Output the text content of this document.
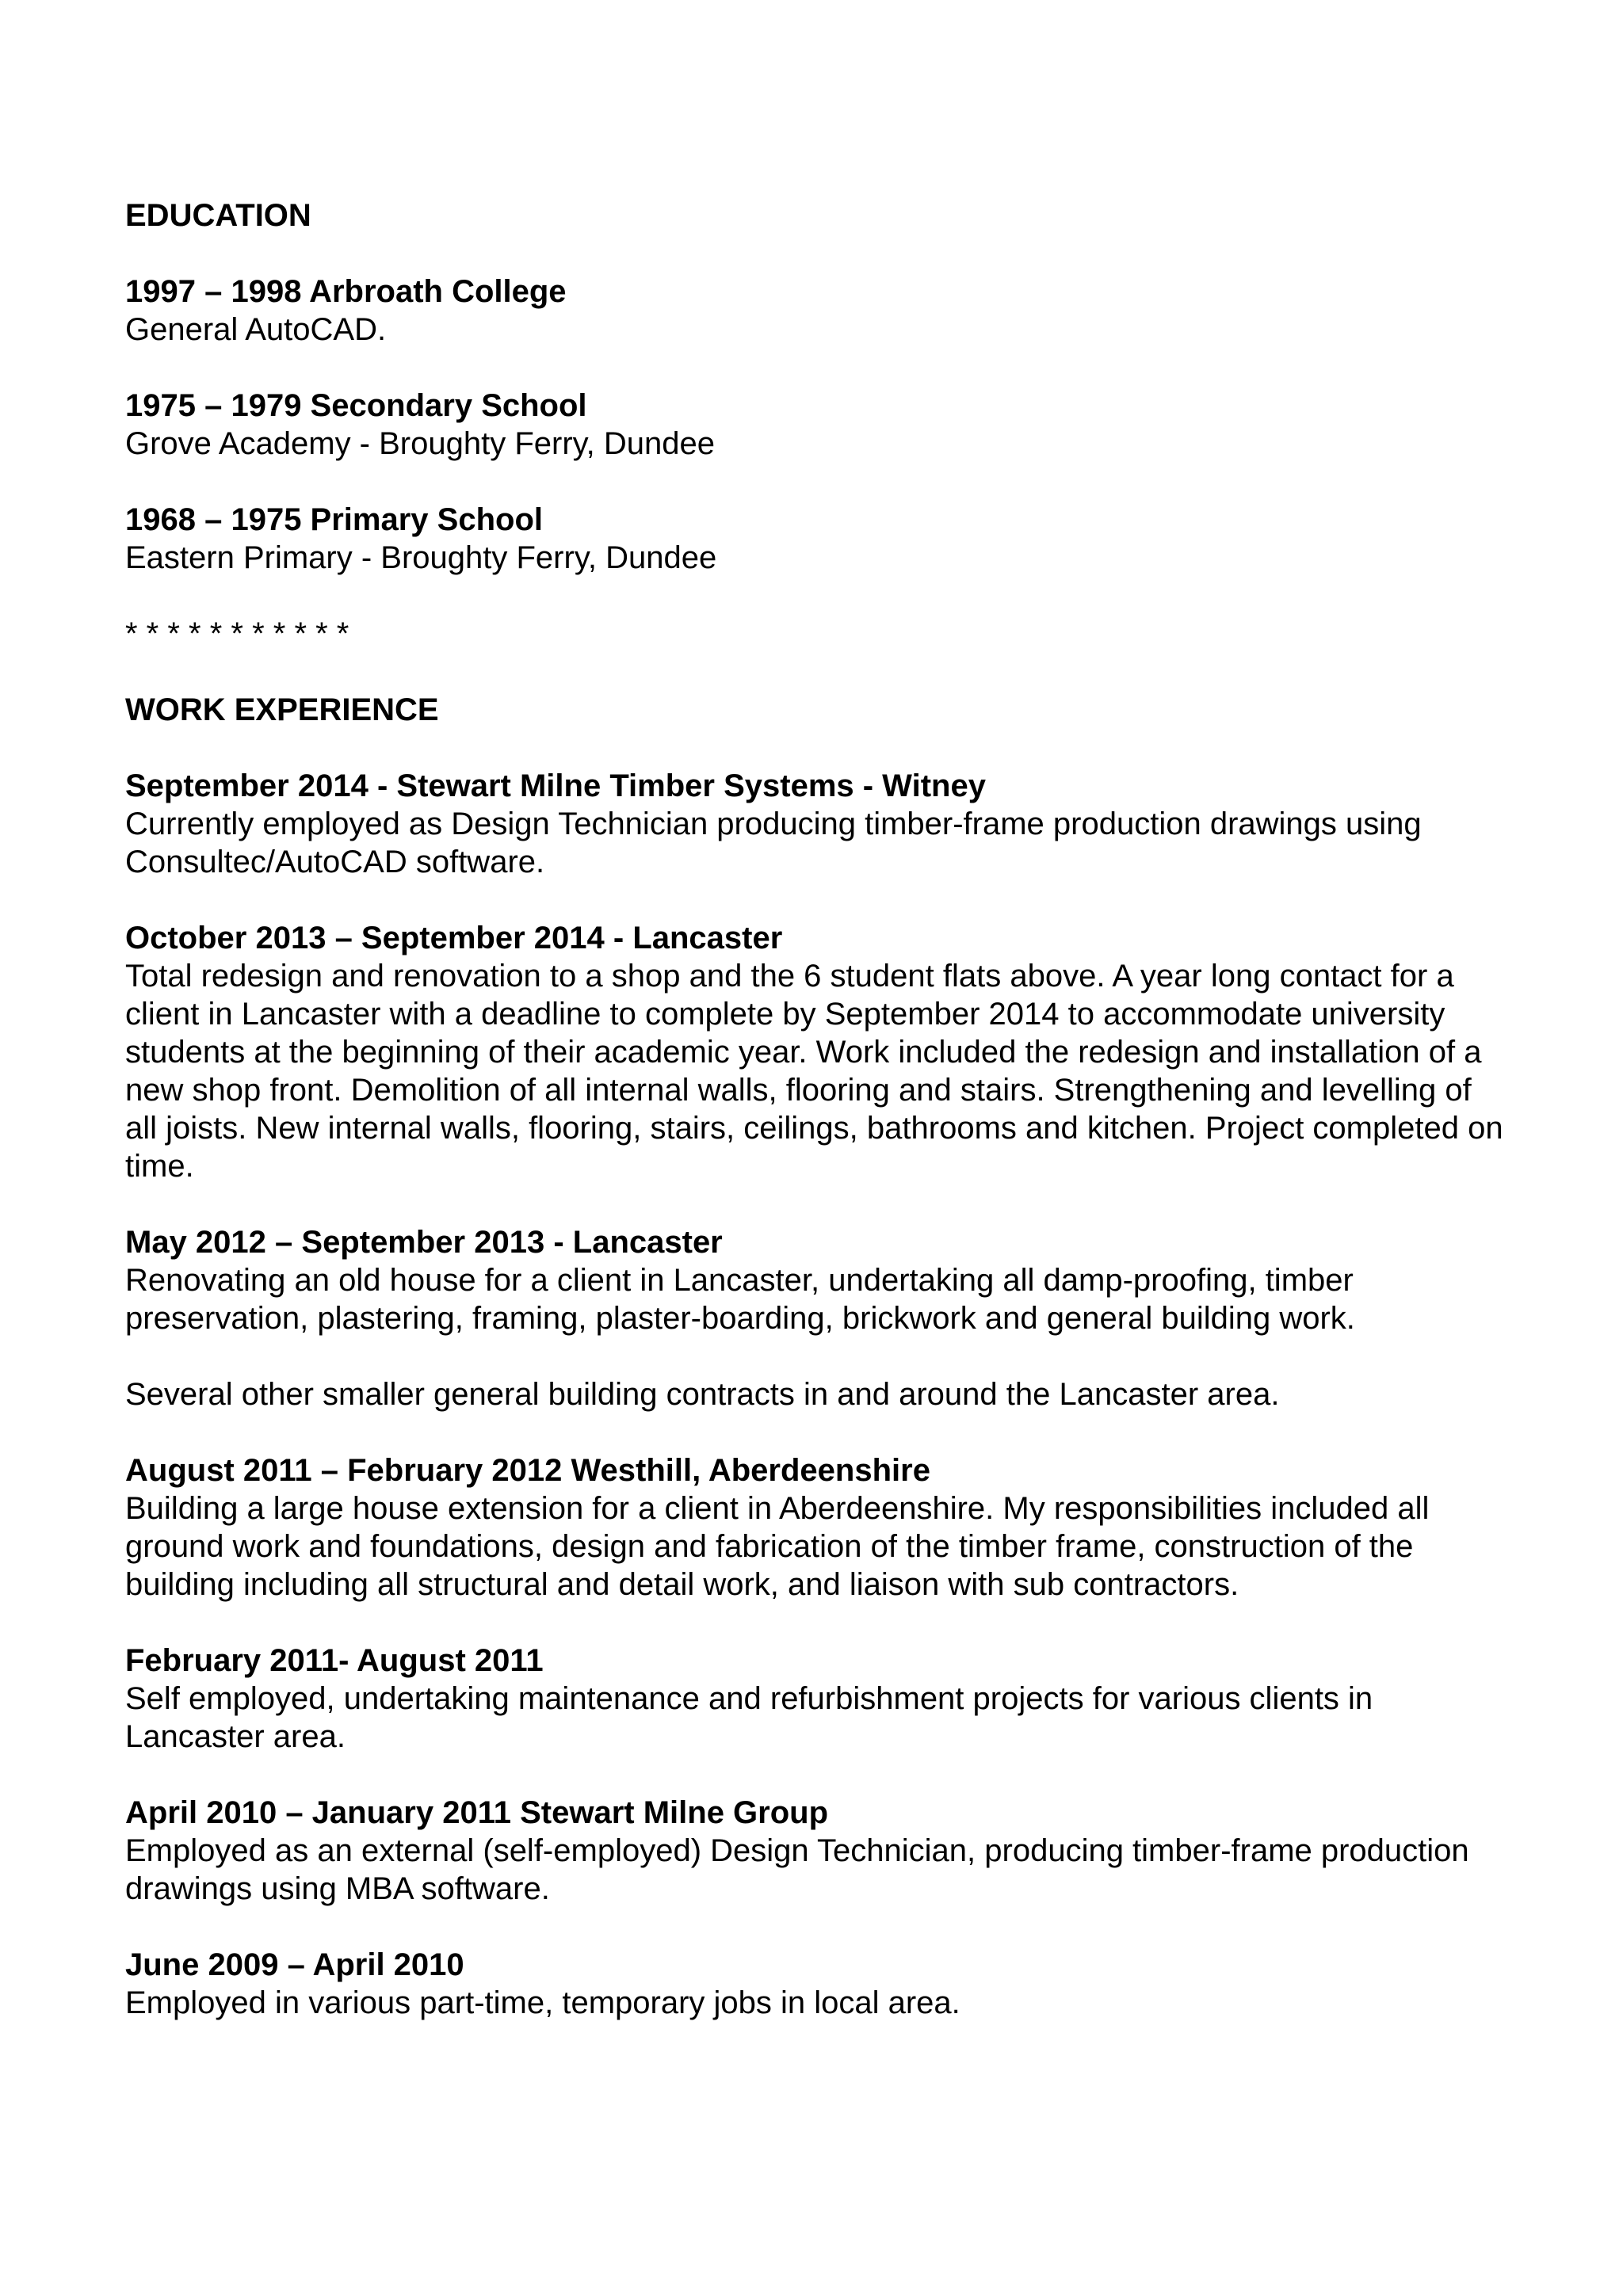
EDUCATION

1997 – 1998 Arbroath College
General AutoCAD.

1975 – 1979 Secondary School
Grove Academy - Broughty Ferry, Dundee

1968 – 1975 Primary School
Eastern Primary - Broughty Ferry, Dundee

* * * * * * * * * * *

WORK EXPERIENCE

September 2014 - Stewart Milne Timber Systems - Witney
Currently employed as Design Technician producing timber-frame production drawings using Consultec/AutoCAD software.

October 2013 – September 2014 - Lancaster
Total redesign and renovation to a shop and the 6 student flats above. A year long contact for a client in Lancaster with a deadline to complete by September 2014 to accommodate university students at the beginning of their academic year. Work included the redesign and installation of a new shop front. Demolition of all internal walls, flooring and stairs. Strengthening and levelling of all joists. New internal walls, flooring, stairs, ceilings, bathrooms and kitchen. Project completed on time.

May 2012 – September 2013 - Lancaster
Renovating an old house for a client in Lancaster, undertaking all damp-proofing, timber preservation, plastering, framing, plaster-boarding, brickwork and general building work.

Several other smaller general building contracts in and around the Lancaster area.

August 2011 – February 2012 Westhill, Aberdeenshire
Building a large house extension for a client in Aberdeenshire. My responsibilities included all ground work and foundations, design and fabrication of the timber frame, construction of the building including all structural and detail work, and liaison with sub contractors.

February 2011- August 2011
Self employed, undertaking maintenance and refurbishment projects for various clients in Lancaster area.

April 2010 – January 2011 Stewart Milne Group
Employed as an external (self-employed) Design Technician, producing timber-frame production drawings using MBA software.

June 2009 – April 2010
Employed in various part-time, temporary jobs in local area.
